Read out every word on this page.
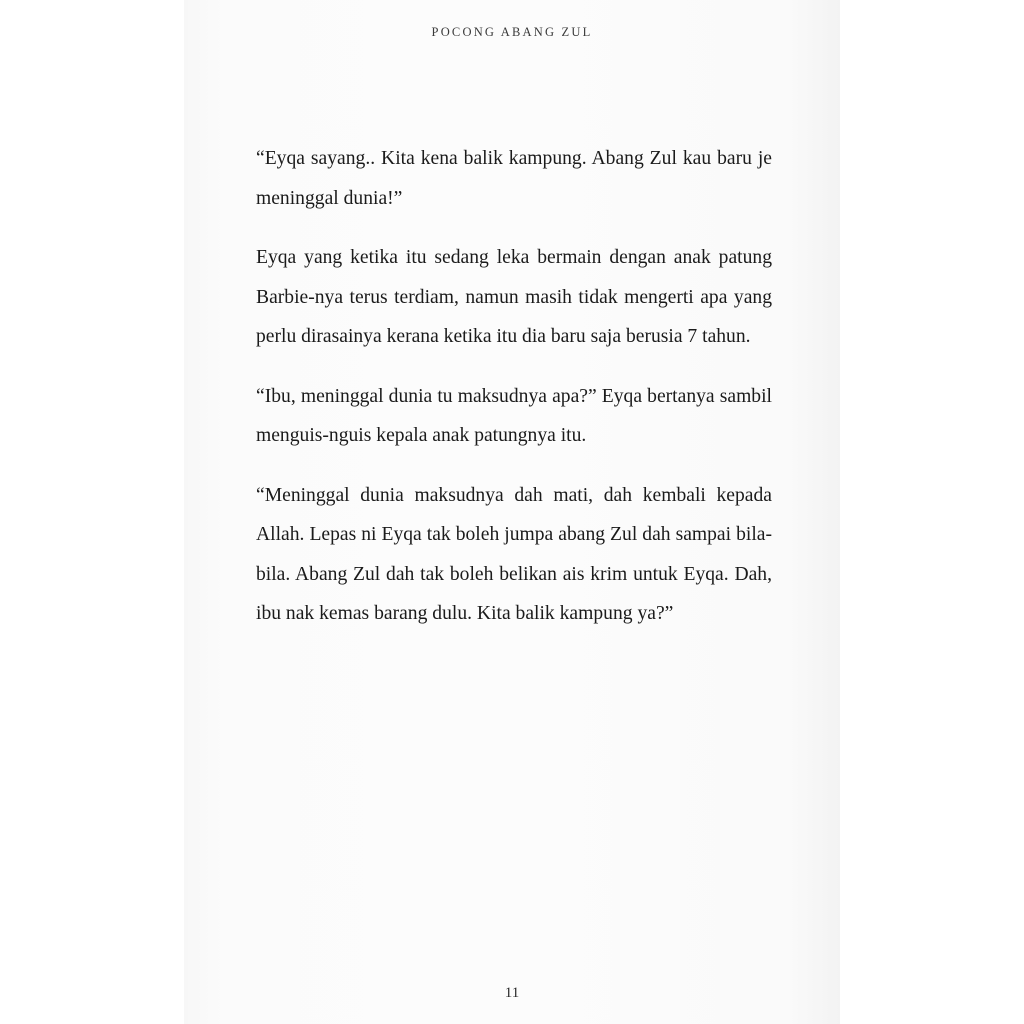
POCONG ABANG ZUL

“Eyqa sayang.. Kita kena balik kampung. Abang Zul kau baru je meninggal dunia!”

Eyqa yang ketika itu sedang leka bermain dengan anak patung Barbie-nya terus terdiam, namun masih tidak mengerti apa yang perlu dirasainya kerana ketika itu dia baru saja berusia 7 tahun.

“Ibu, meninggal dunia tu maksudnya apa?” Eyqa bertanya sambil menguis-nguis kepala anak patungnya itu.

“Meninggal dunia maksudnya dah mati, dah kembali kepada Allah. Lepas ni Eyqa tak boleh jumpa abang Zul dah sampai bila-bila. Abang Zul dah tak boleh belikan ais krim untuk Eyqa. Dah, ibu nak kemas barang dulu. Kita balik kampung ya?”

11
